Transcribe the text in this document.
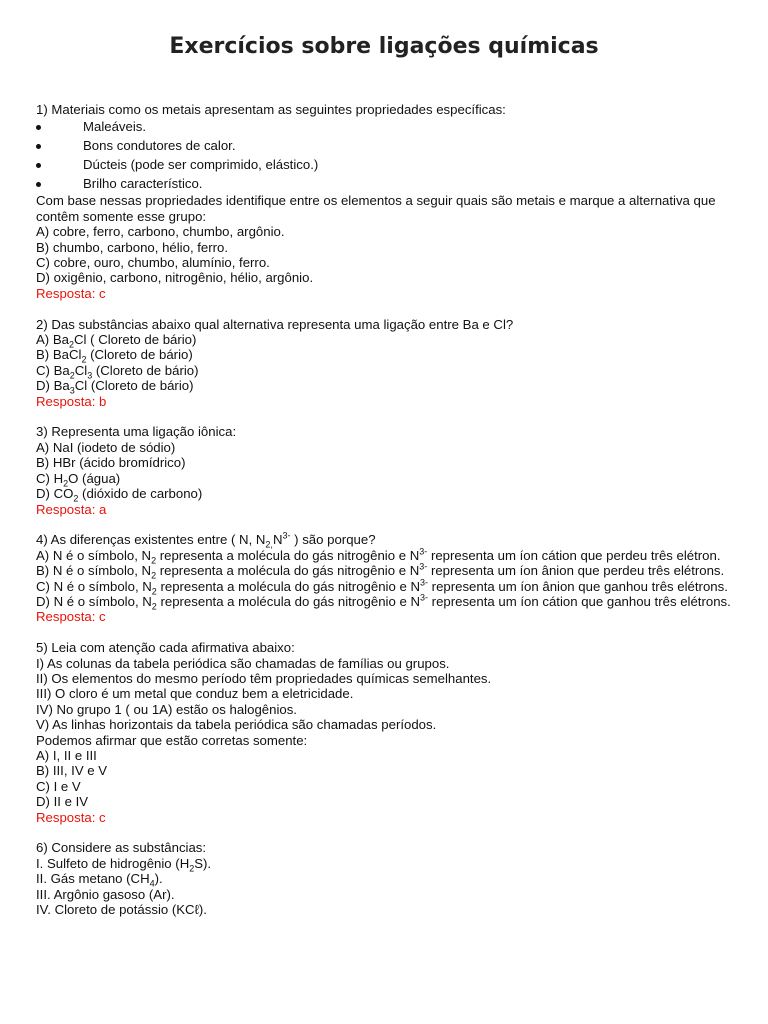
Exercícios sobre ligações químicas
1) Materiais como os metais apresentam as seguintes propriedades específicas:
Maleáveis.
Bons condutores de calor.
Dúcteis (pode ser comprimido, elástico.)
Brilho característico.
Com base nessas propriedades identifique entre os elementos a seguir quais são metais e marque a alternativa que contêm somente esse grupo:
A) cobre, ferro, carbono, chumbo, argônio.
B) chumbo, carbono, hélio, ferro.
C) cobre, ouro, chumbo, alumínio, ferro.
D) oxigênio, carbono, nitrogênio, hélio, argônio.
Resposta: c
2) Das substâncias abaixo qual alternativa representa uma ligação entre Ba e Cl?
A) $Ba_2Cl$ ( Cloreto de bário)
B) BaCl$_2$ (Cloreto de bário)
C) $Ba_2Cl_3$ (Cloreto de bário)
D) $Ba_3Cl$ (Cloreto de bário)
Resposta: b
3) Representa uma ligação iônica:
A) NaI (iodeto de sódio)
B) HBr (ácido bromídrico)
C) $H_2O$ (água)
D) $CO_2$ (dióxido de carbono)
Resposta: a
4) As diferenças existentes entre ( N, $N_{2,}N^{3-}$ ) são porque?
A) N é o símbolo, $N_2$ representa a molécula do gás nitrogênio e $N^{3-}$ representa um íon cátion que perdeu três elétron.
B) N é o símbolo, $N_2$ representa a molécula do gás nitrogênio e $N^{3-}$ representa um íon ânion que perdeu três elétrons.
C) N é o símbolo, $N_2$ representa a molécula do gás nitrogênio e $N^{3-}$ representa um íon ânion que ganhou três elétrons.
D) N é o símbolo, $N_2$ representa a molécula do gás nitrogênio e $N^{3-}$ representa um íon cátion que ganhou três elétrons.
Resposta: c
5) Leia com atenção cada afirmativa abaixo:
I) As colunas da tabela periódica são chamadas de famílias ou grupos.
II) Os elementos do mesmo período têm propriedades químicas semelhantes.
III) O cloro é um metal que conduz bem a eletricidade.
IV) No grupo 1 ( ou 1A) estão os halogênios.
V) As linhas horizontais da tabela periódica são chamadas períodos.
Podemos afirmar que estão corretas somente:
A) I, II e III
B) III, IV e V
C) I e V
D) II e IV
Resposta: c
6) Considere as substâncias:
I. Sulfeto de hidrogênio $(H_2S)$.
II. Gás metano $(CH_4)$.
III. Argônio gasoso (Ar).
IV. Cloreto de potássio (KCℓ).
